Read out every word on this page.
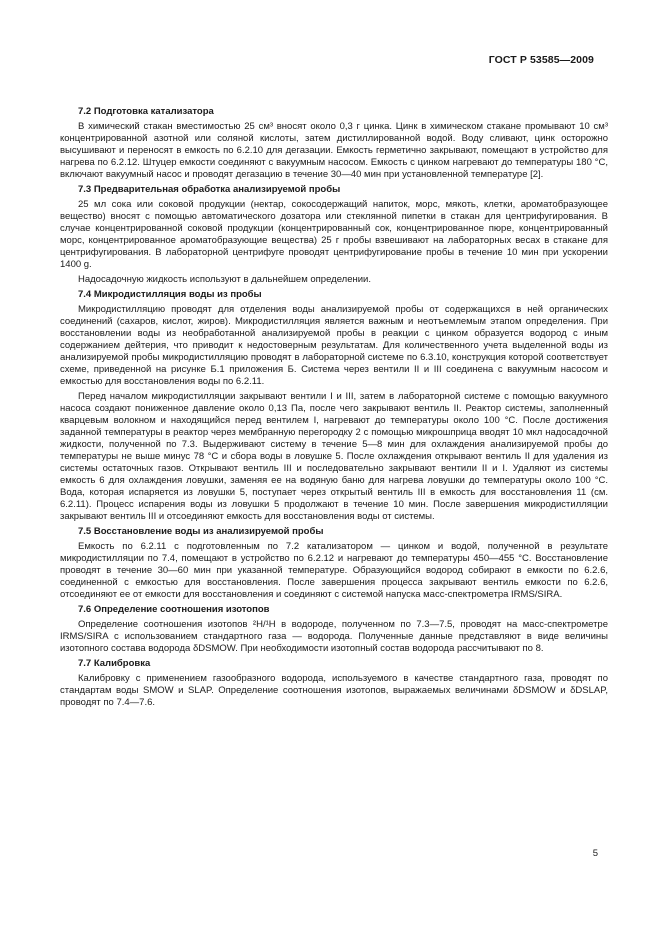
ГОСТ Р 53585—2009
7.2 Подготовка катализатора

В химический стакан вместимостью 25 см³ вносят около 0,3 г цинка. Цинк в химическом стакане промывают 10 см³ концентрированной азотной или соляной кислоты, затем дистиллированной водой. Воду сливают, цинк осторожно высушивают и переносят в емкость по 6.2.10 для дегазации. Емкость герметично закрывают, помещают в устройство для нагрева по 6.2.12. Штуцер емкости соединяют с вакуумным насосом. Емкость с цинком нагревают до температуры 180 °С, включают вакуумный насос и проводят дегазацию в течение 30—40 мин при установленной температуре [2].

7.3 Предварительная обработка анализируемой пробы

25 мл сока или соковой продукции (нектар, сокосодержащий напиток, морс, мякоть, клетки, ароматобразующее вещество) вносят с помощью автоматического дозатора или стеклянной пипетки в стакан для центрифугирования. В случае концентрированной соковой продукции (концентрированный сок, концентрированное пюре, концентрированный морс, концентрированное ароматобразующие вещества) 25 г пробы взвешивают на лабораторных весах в стакане для центрифугирования. В лабораторной центрифуге проводят центрифугирование пробы в течение 10 мин при ускорении 1400 g.

Надосадочную жидкость используют в дальнейшем определении.

7.4 Микродистилляция воды из пробы

Микродистилляцию проводят для отделения воды анализируемой пробы от содержащихся в ней органических соединений (сахаров, кислот, жиров). Микродистилляция является важным и неотъемлемым этапом определения. При восстановлении воды из необработанной анализируемой пробы в реакции с цинком образуется водород с иным содержанием дейтерия, что приводит к недостоверным результатам. Для количественного учета выделенной воды из анализируемой пробы микродистилляцию проводят в лабораторной системе по 6.3.10, конструкция которой соответствует схеме, приведенной на рисунке Б.1 приложения Б. Система через вентили II и III соединена с вакуумным насосом и емкостью для восстановления воды по 6.2.11.

Перед началом микродистилляции закрывают вентили I и III, затем в лабораторной системе с помощью вакуумного насоса создают пониженное давление около 0,13 Па, после чего закрывают вентиль II. Реактор системы, заполненный кварцевым волокном и находящийся перед вентилем I, нагревают до температуры около 100 °С. После достижения заданной температуры в реактор через мембранную перегородку 2 с помощью микрошприца вводят 10 мкл надосадочной жидкости, полученной по 7.3. Выдерживают систему в течение 5—8 мин для охлаждения анализируемой пробы до температуры не выше минус 78 °С и сбора воды в ловушке 5. После охлаждения открывают вентиль II для удаления из системы остаточных газов. Открывают вентиль III и последовательно закрывают вентили II и I. Удаляют из системы емкость 6 для охлаждения ловушки, заменяя ее на водяную баню для нагрева ловушки до температуры около 100 °С. Вода, которая испаряется из ловушки 5, поступает через открытый вентиль III в емкость для восстановления 11 (см. 6.2.11). Процесс испарения воды из ловушки 5 продолжают в течение 10 мин. После завершения микродистилляции закрывают вентиль III и отсоединяют емкость для восстановления воды от системы.

7.5 Восстановление воды из анализируемой пробы

Емкость по 6.2.11 с подготовленным по 7.2 катализатором — цинком и водой, полученной в результате микродистилляции по 7.4, помещают в устройство по 6.2.12 и нагревают до температуры 450—455 °С. Восстановление проводят в течение 30—60 мин при указанной температуре. Образующийся водород собирают в емкости по 6.2.6, соединенной с емкостью для восстановления. После завершения процесса закрывают вентиль емкости по 6.2.6, отсоединяют ее от емкости для восстановления и соединяют с системой напуска масс-спектрометра IRMS/SIRA.

7.6 Определение соотношения изотопов

Определение соотношения изотопов ²H/¹H в водороде, полученном по 7.3—7.5, проводят на масс-спектрометре IRMS/SIRA с использованием стандартного газа — водорода. Полученные данные представляют в виде величины изотопного состава водорода δDSMOW. При необходимости изотопный состав водорода рассчитывают по 8.

7.7 Калибровка

Калибровку с применением газообразного водорода, используемого в качестве стандартного газа, проводят по стандартам воды SMOW и SLAP. Определение соотношения изотопов, выражаемых величинами δDSMOW и δDSLAP, проводят по 7.4—7.6.

5
